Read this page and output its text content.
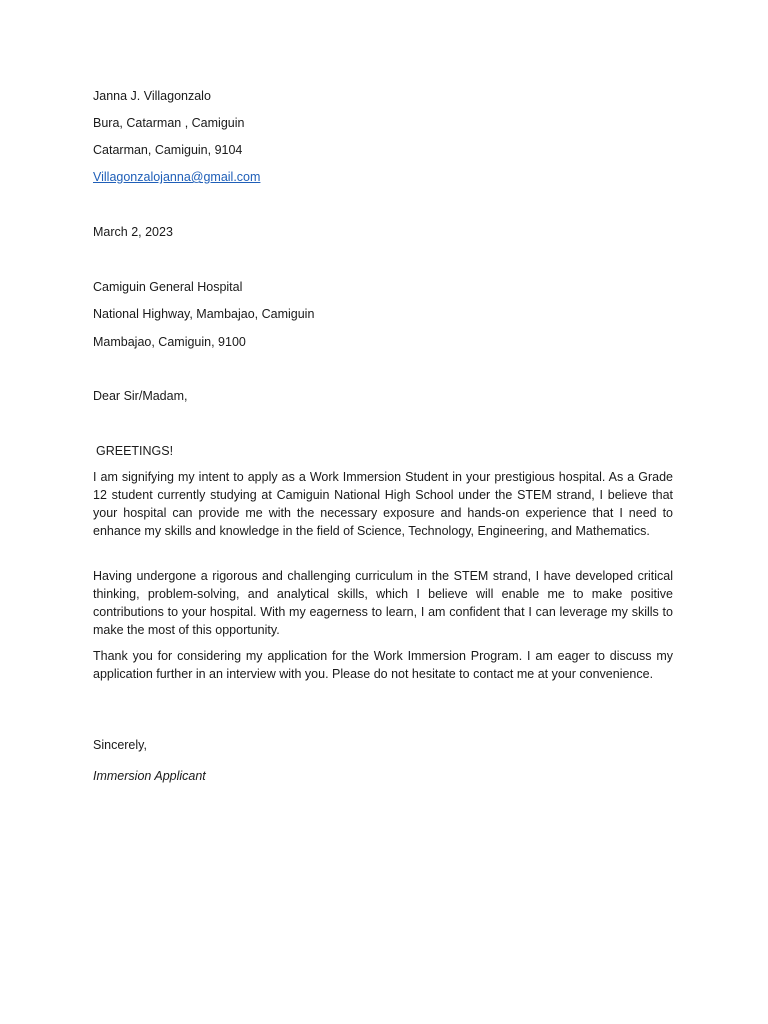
Janna J. Villagonzalo
Bura, Catarman , Camiguin
Catarman, Camiguin, 9104
Villagonzalojanna@gmail.com
March 2, 2023
Camiguin General Hospital
National Highway, Mambajao, Camiguin
Mambajao, Camiguin, 9100
Dear Sir/Madam,
GREETINGS!

I am signifying my intent to apply as a Work Immersion Student in your prestigious hospital. As a Grade 12 student currently studying at Camiguin National High School under the STEM strand, I believe that your hospital can provide me with the necessary exposure and hands-on experience that I need to enhance my skills and knowledge in the field of Science, Technology, Engineering, and Mathematics.

Having undergone a rigorous and challenging curriculum in the STEM strand, I have developed critical thinking, problem-solving, and analytical skills, which I believe will enable me to make positive contributions to your hospital. With my eagerness to learn, I am confident that I can leverage my skills to make the most of this opportunity.

Thank you for considering my application for the Work Immersion Program. I am eager to discuss my application further in an interview with you. Please do not hesitate to contact me at your convenience.

Sincerely,
Immersion Applicant
